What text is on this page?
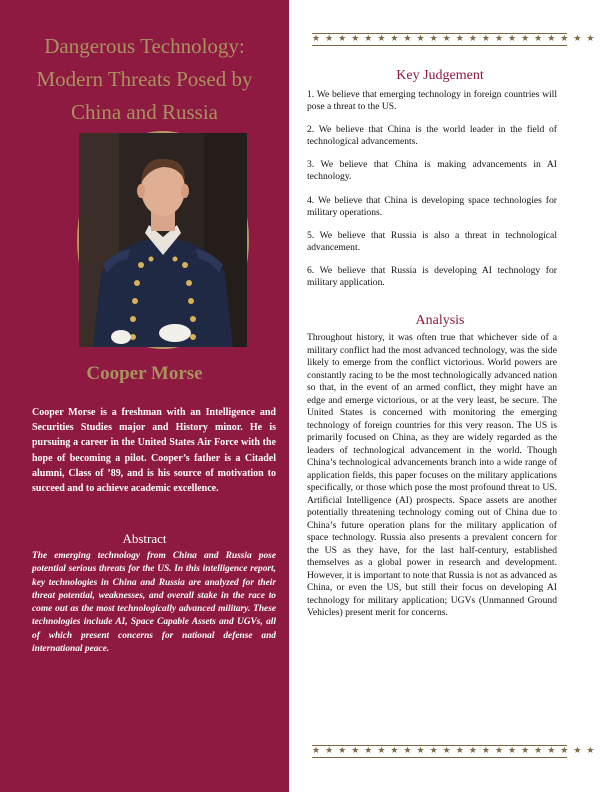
Dangerous Technology: Modern Threats Posed by China and Russia
Cooper Morse
Cooper Morse is a freshman with an Intelligence and Securities Studies major and History minor. He is pursuing a career in the United States Air Force with the hope of becoming a pilot. Cooper’s father is a Citadel alumni, Class of ’89, and is his source of motivation to succeed and to achieve academic excellence.
Abstract
The emerging technology from China and Russia pose potential serious threats for the US. In this intelligence report, key technologies in China and Russia are analyzed for their threat potential, weaknesses, and overall stake in the race to come out as the most technologically advanced military. These technologies include AI, Space Capable Assets and UGVs, all of which present concerns for national defense and international peace.
★★★★★★★★★★★★★★★★★★★★★★
Key Judgement
1. We believe that emerging technology in foreign countries will pose a threat to the US.
2. We believe that China is the world leader in the field of technological advancements.
3. We believe that China is making advancements in AI technology.
4. We believe that China is developing space technologies for military operations.
5. We believe that Russia is also a threat in technological advancement.
6. We believe that Russia is developing AI technology for military application.
Analysis
Throughout history, it was often true that whichever side of a military conflict had the most advanced technology, was the side likely to emerge from the conflict victorious. World powers are constantly racing to be the most technologically advanced nation so that, in the event of an armed conflict, they might have an edge and emerge victorious, or at the very least, be secure. The United States is concerned with monitoring the emerging technology of foreign countries for this very reason. The US is primarily focused on China, as they are widely regarded as the leaders of technological advancement in the world. Though China’s technological advancements branch into a wide range of application fields, this paper focuses on the military applications specifically, or those which pose the most profound threat to US. Artificial Intelligence (AI) prospects. Space assets are another potentially threatening technology coming out of China due to China’s future operation plans for the military application of space technology. Russia also presents a prevalent concern for the US as they have, for the last half-century, established themselves as a global power in research and development. However, it is important to note that Russia is not as advanced as China, or even the US, but still their focus on developing AI technology for military application; UGVs (Unmanned Ground Vehicles) present merit for concerns.
★★★★★★★★★★★★★★★★★★★★★★
